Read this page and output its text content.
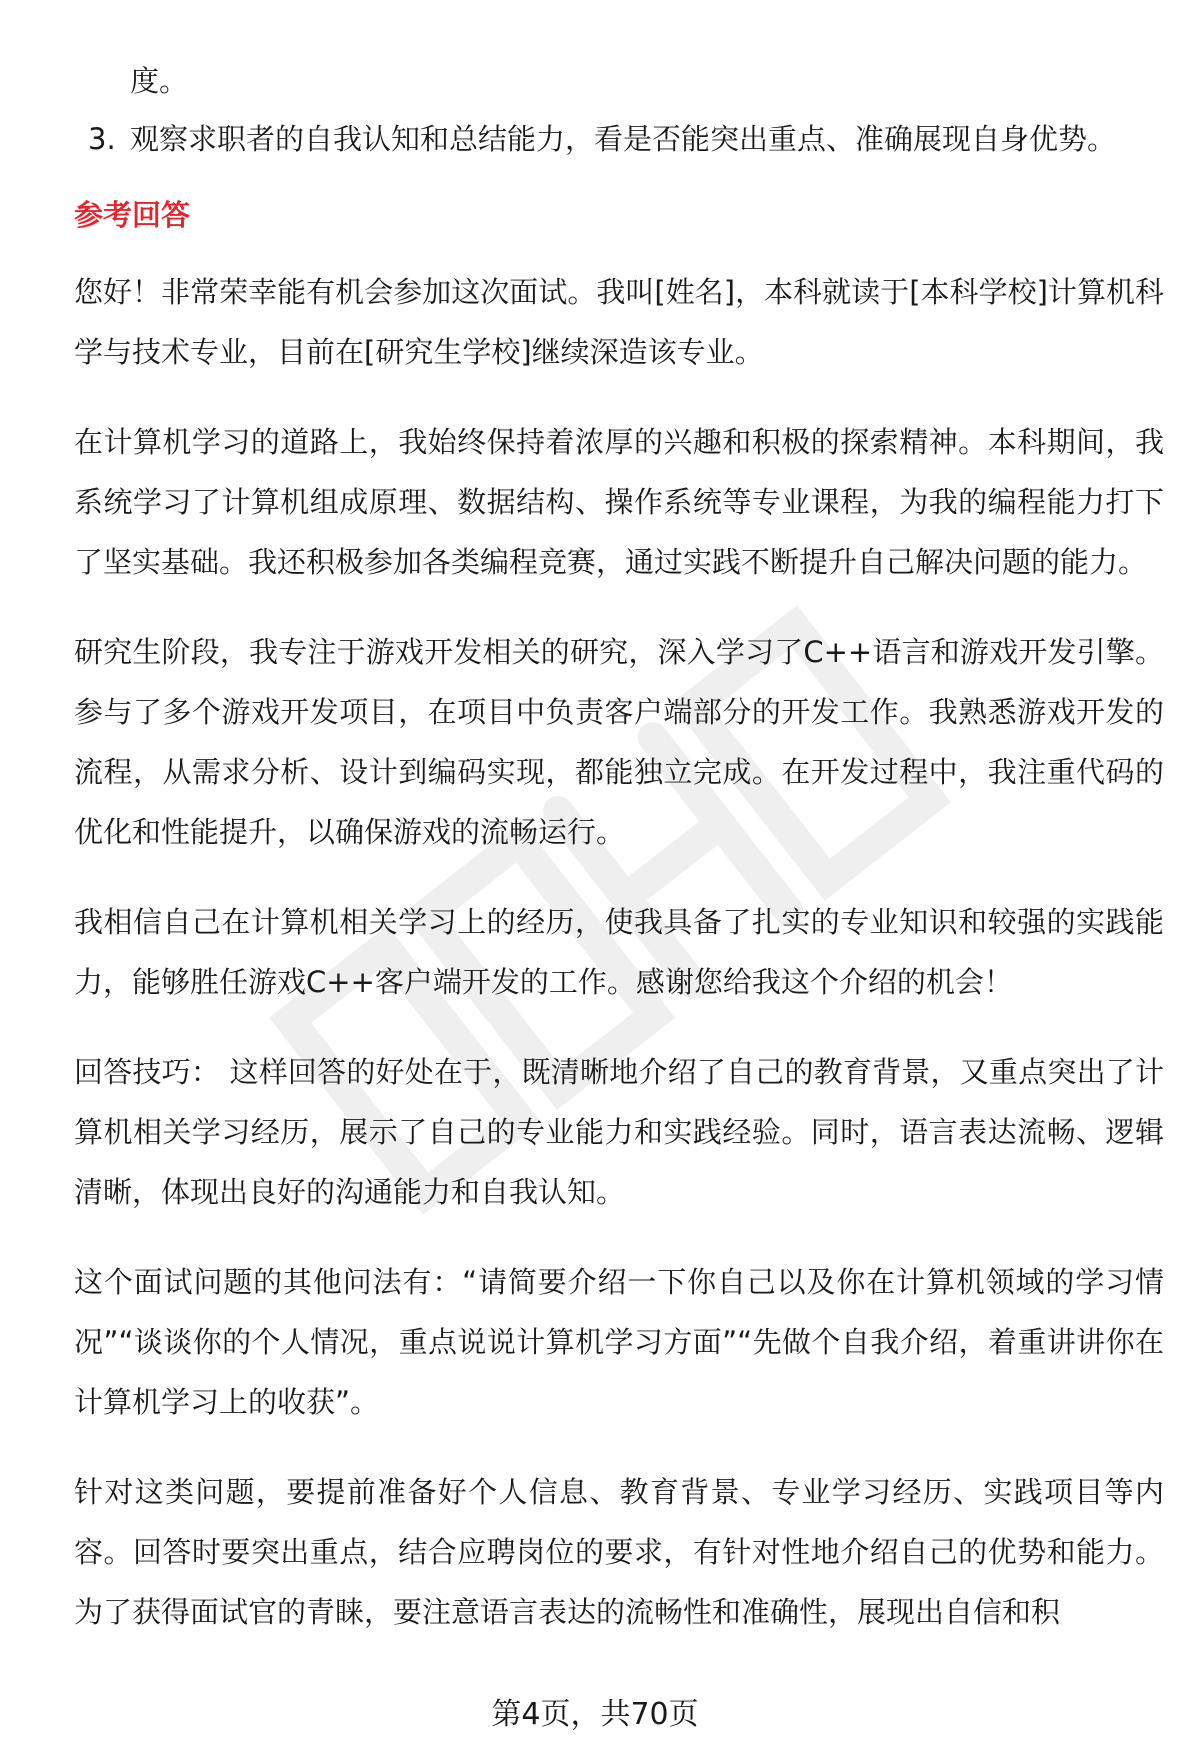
度。

3. 观察求职者的自我认知和总结能力，看是否能突出重点、准确展现自身优势。
参考回答

您好！非常荣幸能有机会参加这次面试。我叫[姓名]，本科就读于[本科学校]计算机科学与技术专业，目前在[研究生学校]继续深造该专业。

在计算机学习的道路上，我始终保持着浓厚的兴趣和积极的探索精神。本科期间，我系统学习了计算机组成原理、数据结构、操作系统等专业课程，为我的编程能力打下了坚实基础。我还积极参加各类编程竞赛，通过实践不断提升自己解决问题的能力。

研究生阶段，我专注于游戏开发相关的研究，深入学习了C++语言和游戏开发引擎。参与了多个游戏开发项目，在项目中负责客户端部分的开发工作。我熟悉游戏开发的流程，从需求分析、设计到编码实现，都能独立完成。在开发过程中，我注重代码的优化和性能提升，以确保游戏的流畅运行。

我相信自己在计算机相关学习上的经历，使我具备了扎实的专业知识和较强的实践能力，能够胜任游戏C++客户端开发的工作。感谢您给我这个介绍的机会！

回答技巧： 这样回答的好处在于，既清晰地介绍了自己的教育背景，又重点突出了计算机相关学习经历，展示了自己的专业能力和实践经验。同时，语言表达流畅、逻辑清晰，体现出良好的沟通能力和自我认知。

这个面试问题的其他问法有：“请简要介绍一下你自己以及你在计算机领域的学习情况”“谈谈你的个人情况，重点说说计算机学习方面”“先做个自我介绍，着重讲讲你在计算机学习上的收获”。

针对这类问题，要提前准备好个人信息、教育背景、专业学习经历、实践项目等内容。回答时要突出重点，结合应聘岗位的要求，有针对性地介绍自己的优势和能力。为了获得面试官的青睐，要注意语言表达的流畅性和准确性，展现出自信和积

第4页，共70页
